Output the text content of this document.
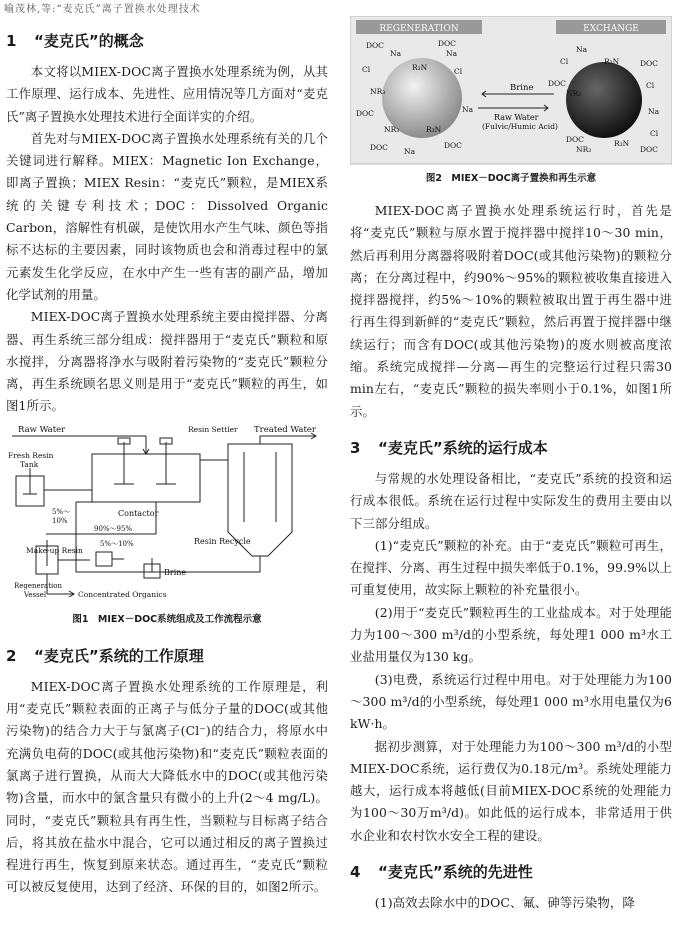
喻茂林,等:“麦克氏”离子置换水处理技术
1 “麦克氏”的概念

本文将以MIEX-DOC离子置换水处理系统为例，从其工作原理、运行成本、先进性、应用情况等几方面对“麦克氏”离子置换水处理技术进行全面详实的介绍。

首先对与MIEX-DOC离子置换水处理系统有关的几个关键词进行解释。MIEX：Magnetic Ion Exchange，即离子置换；MIEX Resin：“麦克氏”颗粒，是MIEX系统的关键专利技术；DOC：Dissolved Organic Carbon，溶解性有机碳，是使饮用水产生气味、颜色等指标不达标的主要因素，同时该物质也会和消毒过程中的氯元素发生化学反应，在水中产生一些有害的副产品，增加化学试剂的用量。

MIEX-DOC离子置换水处理系统主要由搅拌器、分离器、再生系统三部分组成：搅拌器用于“麦克氏”颗粒和原水搅拌，分离器将净水与吸附着污染物的“麦克氏”颗粒分离，再生系统顾名思义则是用于“麦克氏”颗粒的再生，如图1所示。

Raw Water	Resin Settler Treated Water
Fresh Resin
Tank
5%～
10%
Contactor
Resin Recycle
90%～95%
5%～10%
Make-up Resin
Brine
Regeneration
Vessel	Concentrated Organics
图1　MIEX－DOC系统组成及工作流程示意
2 “麦克氏”系统的工作原理

MIEX-DOC离子置换水处理系统的工作原理是，利用“麦克氏”颗粒表面的正离子与低分子量的DOC(或其他污染物)的结合力大于与氯离子(Cl⁻)的结合力，将原水中充满负电荷的DOC(或其他污染物)和“麦克氏”颗粒表面的氯离子进行置换，从而大大降低水中的DOC(或其他污染物)含量，而水中的氯含量只有微小的上升(2～4 mg/L)。同时，“麦克氏”颗粒具有再生性，当颗粒与目标离子结合后，将其放在盐水中混合，它可以通过相反的离子置换过程进行再生，恢复到原来状态。通过再生，“麦克氏”颗粒可以被反复使用，达到了经济、环保的目的，如图2所示。

REGENERATION	EXCHANGE
Brine
Raw Water
(Fulvic/Humic Acid)
DOC
Na
DOC
Na
Cl	R₃N	Cl
NR₃
DOC	Na
NR₃	R₃N
DOC Na
DOC
Na
Cl	R₃N	DOC
DOC
NR₃
Cl
Na
Cl
DOC
NR₃
R₃N
DOC
图2　MIEX－DOC离子置换和再生示意

MIEX-DOC离子置换水处理系统运行时，首先是将“麦克氏”颗粒与原水置于搅拌器中搅拌10～30 min，然后再利用分离器将吸附着DOC(或其他污染物)的颗粒分离；在分离过程中，约90%～95%的颗粒被收集直接进入搅拌器搅拌，约5%～10%的颗粒被取出置于再生器中进行再生得到新鲜的“麦克氏”颗粒，然后再置于搅拌器中继续运行；而含有DOC(或其他污染物)的废水则被高度浓缩。系统完成搅拌—分离—再生的完整运行过程只需30 min左右，“麦克氏”颗粒的损失率则小于0.1%，如图1所示。

3 “麦克氏”系统的运行成本

与常规的水处理设备相比，“麦克氏”系统的投资和运行成本很低。系统在运行过程中实际发生的费用主要由以下三部分组成。

(1)“麦克氏”颗粒的补充。由于“麦克氏”颗粒可再生，在搅拌、分离、再生过程中损失率低于0.1%，99.9%以上可重复使用，故实际上颗粒的补充量很小。

(2)用于“麦克氏”颗粒再生的工业盐成本。对于处理能力为100～300 m³/d的小型系统，每处理1 000 m³水工业盐用量仅为130 kg。

(3)电费，系统运行过程中用电。对于处理能力为100～300 m³/d的小型系统，每处理1 000 m³水用电量仅为6 kW·h。

据初步测算，对于处理能力为100～300 m³/d的小型MIEX-DOC系统，运行费仅为0.18元/m³。系统处理能力越大，运行成本将越低(目前MIEX-DOC系统的处理能力为100～30万m³/d)。如此低的运行成本，非常适用于供水企业和农村饮水安全工程的建设。

4 “麦克氏”系统的先进性

(1)高效去除水中的DOC、氟、砷等污染物，降
